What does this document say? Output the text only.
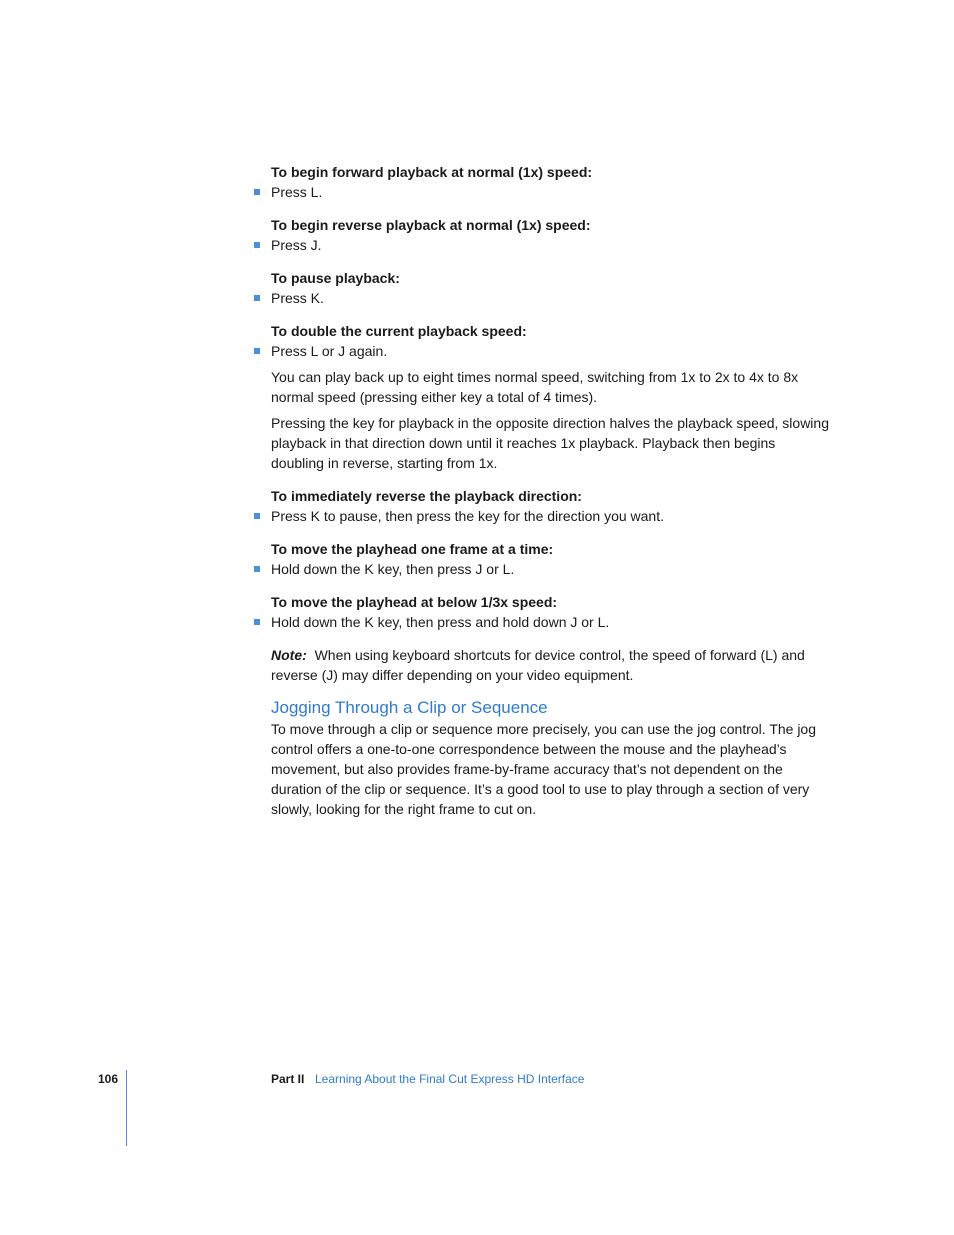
To begin forward playback at normal (1x) speed:

Press L.

To begin reverse playback at normal (1x) speed:

Press J.

To pause playback:

Press K.

To double the current playback speed:

Press L or J again.

You can play back up to eight times normal speed, switching from 1x to 2x to 4x to 8x normal speed (pressing either key a total of 4 times).

Pressing the key for playback in the opposite direction halves the playback speed, slowing playback in that direction down until it reaches 1x playback. Playback then begins doubling in reverse, starting from 1x.

To immediately reverse the playback direction:

Press K to pause, then press the key for the direction you want.

To move the playhead one frame at a time:

Hold down the K key, then press J or L.

To move the playhead at below 1/3x speed:

Hold down the K key, then press and hold down J or L.

Note: When using keyboard shortcuts for device control, the speed of forward (L) and reverse (J) may differ depending on your video equipment.

Jogging Through a Clip or Sequence

To move through a clip or sequence more precisely, you can use the jog control. The jog control offers a one-to-one correspondence between the mouse and the playhead’s movement, but also provides frame-by-frame accuracy that’s not dependent on the duration of the clip or sequence. It’s a good tool to use to play through a section of very slowly, looking for the right frame to cut on.

106	Part II Learning About the Final Cut Express HD Interface
